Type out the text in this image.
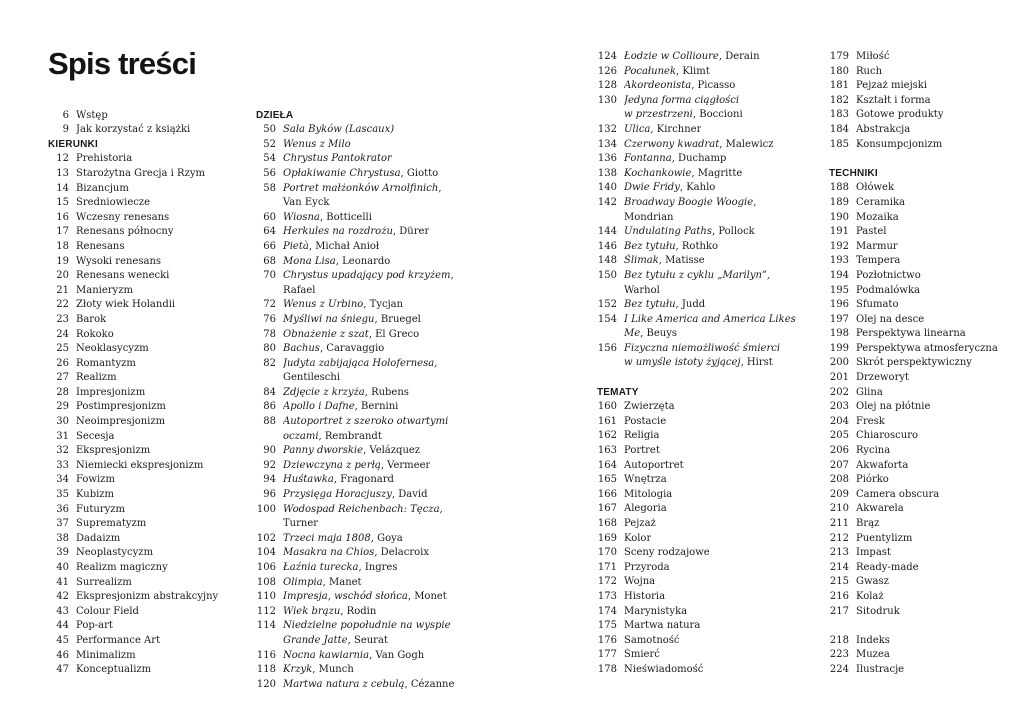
Spis treści
6 Wstęp
9 Jak korzystać z książki
KIERUNKI
12 Prehistoria
13 Starożytna Grecja i Rzym
14 Bizancjum
15 Średniowiecze
16 Wczesny renesans
17 Renesans północny
18 Renesans
19 Wysoki renesans
20 Renesans wenecki
21 Manieryzm
22 Złoty wiek Holandii
23 Barok
24 Rokoko
25 Neoklasycyzm
26 Romantyzm
27 Realizm
28 Impresjonizm
29 Postimpresjonizm
30 Neoimpresjonizm
31 Secesja
32 Ekspresjonizm
33 Niemiecki ekspresjonizm
34 Fowizm
35 Kubizm
36 Futuryzm
37 Suprematyzm
38 Dadaizm
39 Neoplastycyzm
40 Realizm magiczny
41 Surrealizm
42 Ekspresjonizm abstrakcyjny
43 Colour Field
44 Pop-art
45 Performance Art
46 Minimalizm
47 Konceptualizm
DZIEŁA
50 Sala Byków (Lascaux)
52 Wenus z Milo
54 Chrystus Pantokrator
56 Opłakiwanie Chrystusa, Giotto
58 Portret małżonków Arnolfinich,
Van Eyck
60 Wiosna, Botticelli
64 Herkules na rozdrożu, Dürer
66 Pietà, Michał Anioł
68 Mona Lisa, Leonardo
70 Chrystus upadający pod krzyżem,
Rafael
72 Wenus z Urbino, Tycjan
76 Myśliwi na śniegu, Bruegel
78 Obnażenie z szat, El Greco
80 Bachus, Caravaggio
82 Judyta zabijająca Holofernesa,
Gentileschi
84 Zdjęcie z krzyża, Rubens
86 Apollo i Dafne, Bernini
88 Autoportret z szeroko otwartymi
oczami, Rembrandt
90 Panny dworskie, Velázquez
92 Dziewczyna z perłą, Vermeer
94 Huśtawka, Fragonard
96 Przysięga Horacjuszy, David
100 Wodospad Reichenbach: Tęcza,
Turner
102 Trzeci maja 1808, Goya
104 Masakra na Chios, Delacroix
106 Łaźnia turecka, Ingres
108 Olimpia, Manet
110 Impresja, wschód słońca, Monet
112 Wiek brązu, Rodin
114 Niedzielne popołudnie na wyspie
Grande Jatte, Seurat
116 Nocna kawiarnia, Van Gogh
118 Krzyk, Munch
120 Martwa natura z cebulą, Cézanne
124 Łodzie w Collioure, Derain
126 Pocałunek, Klimt
128 Akordeonista, Picasso
130 Jedyna forma ciągłości
w przestrzeni, Boccioni
132 Ulica, Kirchner
134 Czerwony kwadrat, Malewicz
136 Fontanna, Duchamp
138 Kochankowie, Magritte
140 Dwie Fridy, Kahlo
142 Broadway Boogie Woogie,
Mondrian
144 Undulating Paths, Pollock
146 Bez tytułu, Rothko
148 Ślimak, Matisse
150 Bez tytułu z cyklu „Marilyn”,
Warhol
152 Bez tytułu, Judd
154 I Like America and America Likes
Me, Beuys
156 Fizyczna niemożliwość śmierci
w umyśle istoty żyjącej, Hirst
TEMATY
160 Zwierzęta
161 Postacie
162 Religia
163 Portret
164 Autoportret
165 Wnętrza
166 Mitologia
167 Alegoria
168 Pejzaż
169 Kolor
170 Sceny rodzajowe
171 Przyroda
172 Wojna
173 Historia
174 Marynistyka
175 Martwa natura
176 Samotność
177 Śmierć
178 Nieświadomość
179 Miłość
180 Ruch
181 Pejzaż miejski
182 Kształt i forma
183 Gotowe produkty
184 Abstrakcja
185 Konsumpcjonizm
TECHNIKI
188 Ołówek
189 Ceramika
190 Mozaika
191 Pastel
192 Marmur
193 Tempera
194 Pozłotnictwo
195 Podmalówka
196 Sfumato
197 Olej na desce
198 Perspektywa linearna
199 Perspektywa atmosferyczna
200 Skrót perspektywiczny
201 Drzeworyt
202 Glina
203 Olej na płótnie
204 Fresk
205 Chiaroscuro
206 Rycina
207 Akwaforta
208 Piórko
209 Camera obscura
210 Akwarela
211 Brąz
212 Puentylizm
213 Impast
214 Ready-made
215 Gwasz
216 Kolaż
217 Sitodruk
218 Indeks
223 Muzea
224 Ilustracje
